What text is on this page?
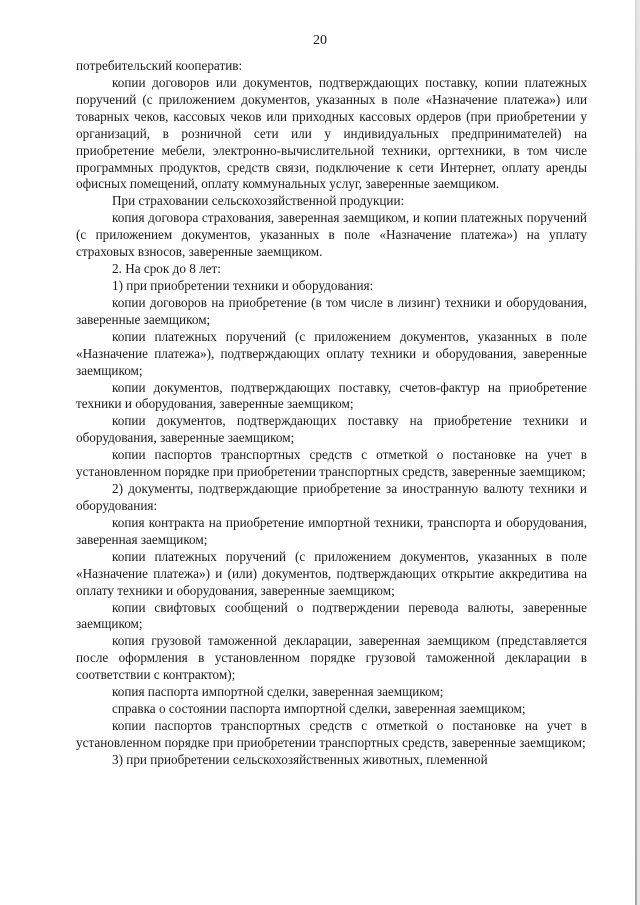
20

потребительский кооператив:

копии договоров или документов, подтверждающих поставку, копии платежных поручений (с приложением документов, указанных в поле «Назначение платежа») или товарных чеков, кассовых чеков или приходных кассовых ордеров (при приобретении у организаций, в розничной сети или у индивидуальных предпринимателей) на приобретение мебели, электронно-вычислительной техники, оргтехники, в том числе программных продуктов, средств связи, подключение к сети Интернет, оплату аренды офисных помещений, оплату коммунальных услуг, заверенные заемщиком.

При страховании сельскохозяйственной продукции:

копия договора страхования, заверенная заемщиком, и копии платежных поручений (с приложением документов, указанных в поле «Назначение платежа») на уплату страховых взносов, заверенные заемщиком.

2. На срок до 8 лет:

1) при приобретении техники и оборудования:

копии договоров на приобретение (в том числе в лизинг) техники и оборудования, заверенные заемщиком;

копии платежных поручений (с приложением документов, указанных в поле «Назначение платежа»), подтверждающих оплату техники и оборудования, заверенные заемщиком;

копии документов, подтверждающих поставку, счетов-фактур на приобретение техники и оборудования, заверенные заемщиком;

копии документов, подтверждающих поставку на приобретение техники и оборудования, заверенные заемщиком;

копии паспортов транспортных средств с отметкой о постановке на учет в установленном порядке при приобретении транспортных средств, заверенные заемщиком;

2) документы, подтверждающие приобретение за иностранную валюту техники и оборудования:

копия контракта на приобретение импортной техники, транспорта и оборудования, заверенная заемщиком;

копии платежных поручений (с приложением документов, указанных в поле «Назначение платежа») и (или) документов, подтверждающих открытие аккредитива на оплату техники и оборудования, заверенные заемщиком;

копии свифтовых сообщений о подтверждении перевода валюты, заверенные заемщиком;

копия грузовой таможенной декларации, заверенная заемщиком (представляется после оформления в установленном порядке грузовой таможенной декларации в соответствии с контрактом);

копия паспорта импортной сделки, заверенная заемщиком;

справка о состоянии паспорта импортной сделки, заверенная заемщиком;

копии паспортов транспортных средств с отметкой о постановке на учет в установленном порядке при приобретении транспортных средств, заверенные заемщиком;

3) при приобретении сельскохозяйственных животных, племенной
